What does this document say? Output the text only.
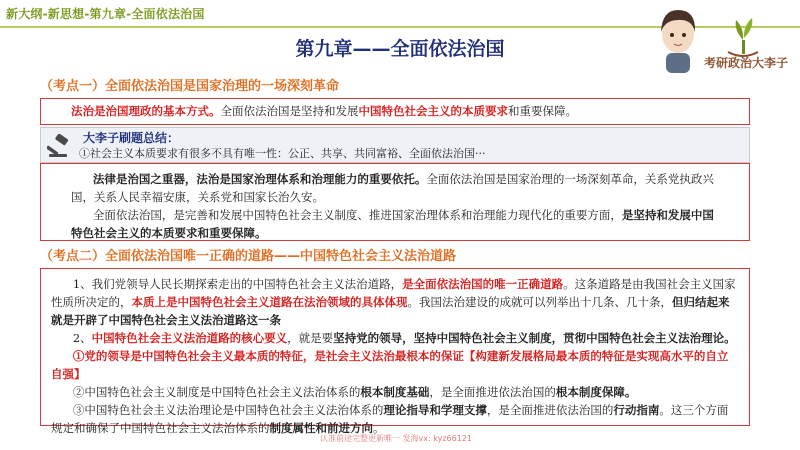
新大纲-新思想-第九章-全面依法治国
第九章——全面依法治国
考研政治大李子
（考点一）全面依法治国是国家治理的一场深刻革命
法治是治国理政的基本方式。全面依法治国是坚持和发展中国特色社会主义的本质要求和重要保障。
大李子刷题总结：
①社会主义本质要求有很多不具有唯一性：公正、共享、共同富裕、全面依法治国···

法律是治国之重器，法治是国家治理体系和治理能力的重要依托。全面依法治国是国家治理的一场深刻革命，关系党执政兴国，关系人民幸福安康，关系党和国家长治久安。

全面依法治国，是完善和发展中国特色社会主义制度、推进国家治理体系和治理能力现代化的重要方面，是坚持和发展中国特色社会主义的本质要求和重要保障。

（考点二）全面依法治国唯一正确的道路——中国特色社会主义法治道路

1、我们党领导人民长期探索走出的中国特色社会主义法治道路，是全面依法治国的唯一正确道路。这条道路是由我国社会主义国家性质所决定的，本质上是中国特色社会主义道路在法治领域的具体体现。我国法治建设的成就可以列举出十几条、几十条，但归结起来就是开辟了中国特色社会主义法治道路这一条

2、中国特色社会主义法治道路的核心要义，就是要坚持党的领导，坚持中国特色社会主义制度，贯彻中国特色社会主义法治理论。

①党的领导是中国特色社会主义最本质的特征，是社会主义法治最根本的保证【构建新发展格局最本质的特征是实现高水平的自立自强】

②中国特色社会主义制度是中国特色社会主义法治体系的根本制度基础，是全面推进依法治国的根本制度保障。

③中国特色社会主义法治理论是中国特色社会主义法治体系的理论指导和学理支撑，是全面推进依法治国的行动指南。这三个方面规定和确保了中国特色社会主义法治体系的制度属性和前进方向。

认准前途完整更新唯一 发海vx: kyz66121
